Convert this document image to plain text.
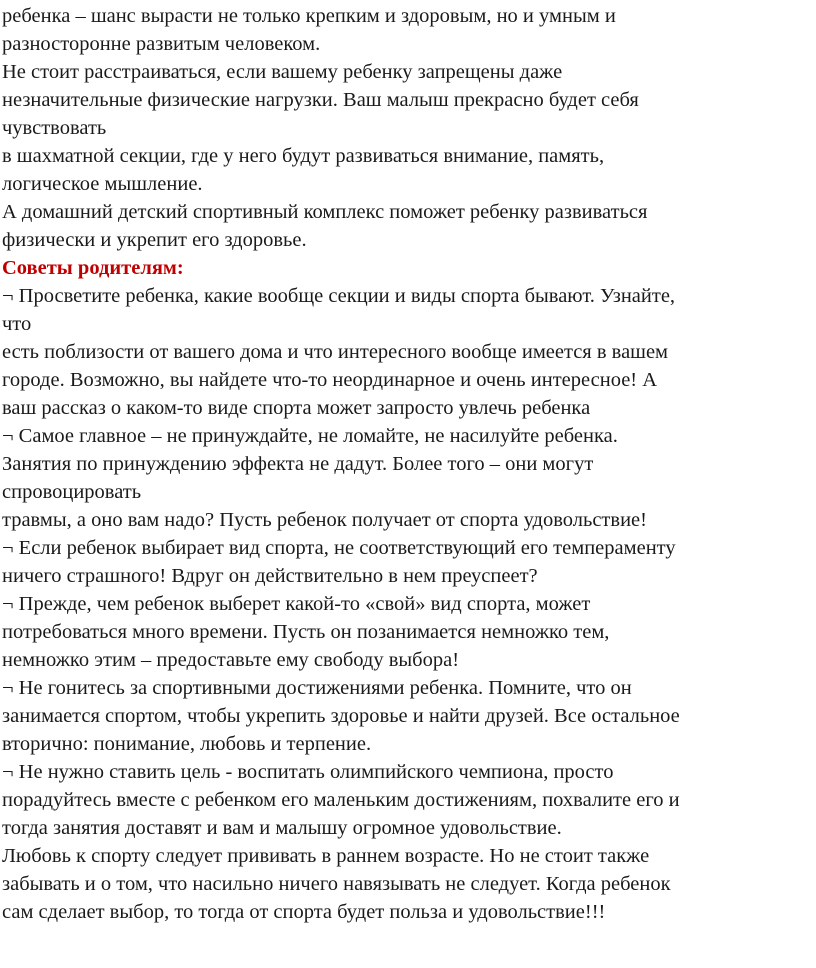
ребенка – шанс вырасти не только крепким и здоровым, но и умным и
разносторонне развитым человеком.
Не стоит расстраиваться, если вашему ребенку запрещены даже
незначительные физические нагрузки. Ваш малыш прекрасно будет себя
чувствовать
в шахматной секции, где у него будут развиваться внимание, память,
логическое мышление.
А домашний детский спортивный комплекс поможет ребенку развиваться
физически и укрепит его здоровье.
Советы родителям:
¬ Просветите ребенка, какие вообще секции и виды спорта бывают. Узнайте,
что
есть поблизости от вашего дома и что интересного вообще имеется в вашем
городе. Возможно, вы найдете что-то неординарное и очень интересное! А
ваш рассказ о каком-то виде спорта может запросто увлечь ребенка
¬ Самое главное – не принуждайте, не ломайте, не насилуйте ребенка.
Занятия по принуждению эффекта не дадут. Более того – они могут
спровоцировать
травмы, а оно вам надо? Пусть ребенок получает от спорта удовольствие!
¬ Если ребенок выбирает вид спорта, не соответствующий его темпераменту
ничего страшного! Вдруг он действительно в нем преуспеет?
¬ Прежде, чем ребенок выберет какой-то «свой» вид спорта, может
потребоваться много времени. Пусть он позанимается немножко тем,
немножко этим – предоставьте ему свободу выбора!
¬ Не гонитесь за спортивными достижениями ребенка. Помните, что он
занимается спортом, чтобы укрепить здоровье и найти друзей. Все остальное
вторично: понимание, любовь и терпение.
¬ Не нужно ставить цель - воспитать олимпийского чемпиона, просто
порадуйтесь вместе с ребенком его маленьким достижениям, похвалите его и
тогда занятия доставят и вам и малышу огромное удовольствие.
Любовь к спорту следует прививать в раннем возрасте. Но не стоит также
забывать и о том, что насильно ничего навязывать не следует. Когда ребенок
сам сделает выбор, то тогда от спорта будет польза и удовольствие!!!
